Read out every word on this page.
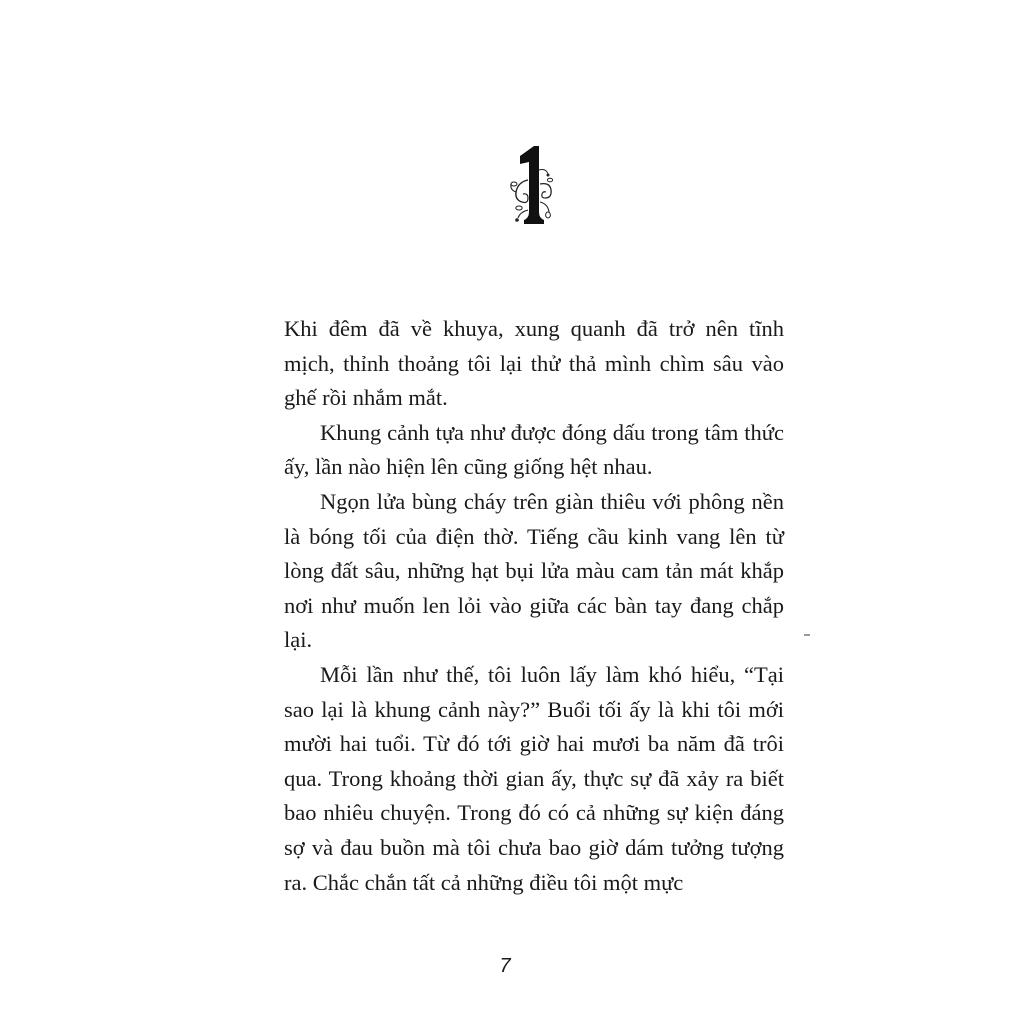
Khi đêm đã về khuya, xung quanh đã trở nên tĩnh mịch, thỉnh thoảng tôi lại thử thả mình chìm sâu vào ghế rồi nhắm mắt.

Khung cảnh tựa như được đóng dấu trong tâm thức ấy, lần nào hiện lên cũng giống hệt nhau.

Ngọn lửa bùng cháy trên giàn thiêu với phông nền là bóng tối của điện thờ. Tiếng cầu kinh vang lên từ lòng đất sâu, những hạt bụi lửa màu cam tản mát khắp nơi như muốn len lỏi vào giữa các bàn tay đang chắp lại.

Mỗi lần như thế, tôi luôn lấy làm khó hiểu, “Tại sao lại là khung cảnh này?” Buổi tối ấy là khi tôi mới mười hai tuổi. Từ đó tới giờ hai mươi ba năm đã trôi qua. Trong khoảng thời gian ấy, thực sự đã xảy ra biết bao nhiêu chuyện. Trong đó có cả những sự kiện đáng sợ và đau buồn mà tôi chưa bao giờ dám tưởng tượng ra. Chắc chắn tất cả những điều tôi một mực

7
